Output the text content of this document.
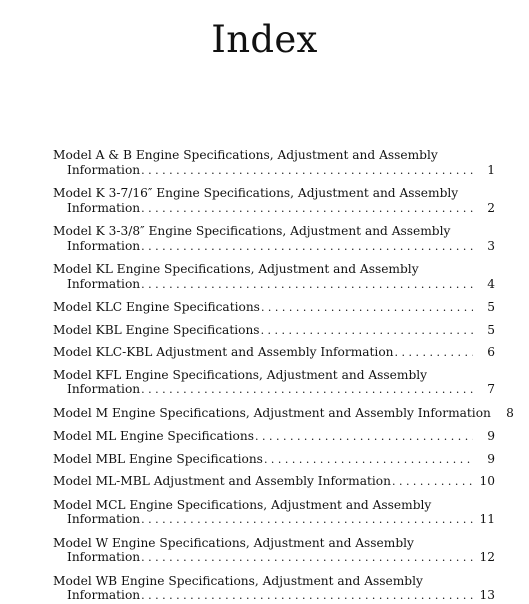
Index
Model A & B Engine Specifications, Adjustment and Assembly
Information . . .	1
Model K 3-7/16″ Engine Specifications, Adjustment and Assembly
Information . . .	2
Model K 3-3/8″ Engine Specifications, Adjustment and Assembly
Information . . .	3
Model KL Engine Specifications, Adjustment and Assembly
Information . . .	4
Model KLC Engine Specifications . . .	5
Model KBL Engine Specifications . . .	5
Model KLC-KBL Adjustment and Assembly Information . . .	6
Model KFL Engine Specifications, Adjustment and Assembly
Information . . .	7
Model M Engine Specifications, Adjustment and Assembly Information . . .	8
Model ML Engine Specifications . . .	9
Model MBL Engine Specifications . . .	9
Model ML-MBL Adjustment and Assembly Information . . .	10
Model MCL Engine Specifications, Adjustment and Assembly
Information . . .	11
Model W Engine Specifications, Adjustment and Assembly
Information . . .	12
Model WB Engine Specifications, Adjustment and Assembly
Information . . .	13
